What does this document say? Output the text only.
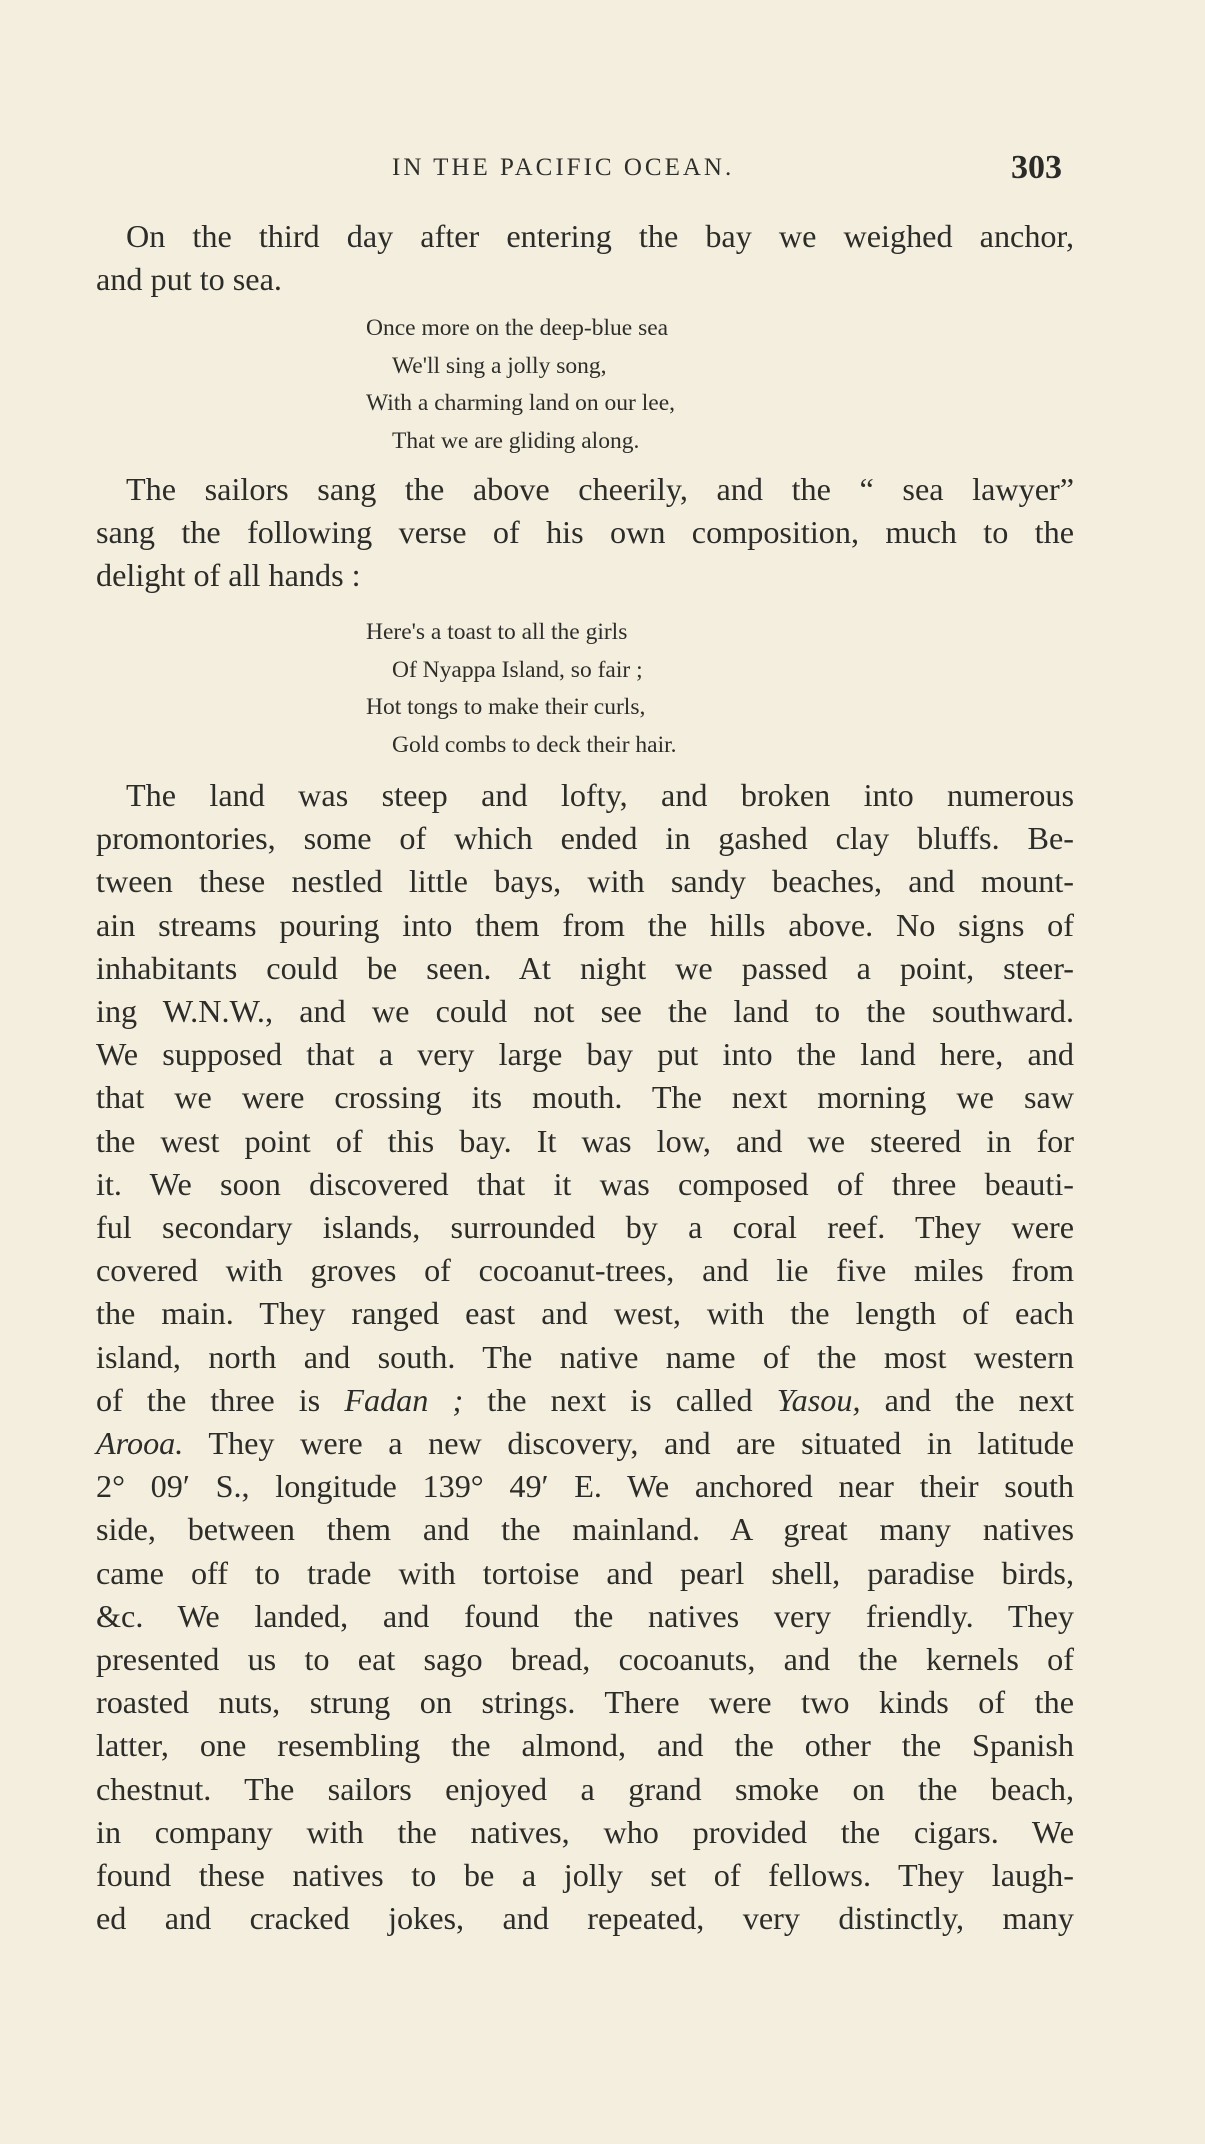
IN THE PACIFIC OCEAN.	303
On the third day after entering the bay we weighed anchor,
and put to sea.
Once more on the deep-blue sea
We'll sing a jolly song,
With a charming land on our lee,
That we are gliding along.
The sailors sang the above cheerily, and the “ sea lawyer”
sang the following verse of his own composition, much to the
delight of all hands :
Here's a toast to all the girls
Of Nyappa Island, so fair ;
Hot tongs to make their curls,
Gold combs to deck their hair.
The land was steep and lofty, and broken into numerous
promontories, some of which ended in gashed clay bluffs. Be-
tween these nestled little bays, with sandy beaches, and mount-
ain streams pouring into them from the hills above. No signs of
inhabitants could be seen. At night we passed a point, steer-
ing W.N.W., and we could not see the land to the southward.
We supposed that a very large bay put into the land here, and
that we were crossing its mouth. The next morning we saw
the west point of this bay. It was low, and we steered in for
it. We soon discovered that it was composed of three beauti-
ful secondary islands, surrounded by a coral reef. They were
covered with groves of cocoanut-trees, and lie five miles from
the main. They ranged east and west, with the length of each
island, north and south. The native name of the most western
of the three is Fadan ; the next is called Yasou, and the next
Arooa. They were a new discovery, and are situated in latitude
2° 09′ S., longitude 139° 49′ E. We anchored near their south
side, between them and the mainland. A great many natives
came off to trade with tortoise and pearl shell, paradise birds,
&c. We landed, and found the natives very friendly. They
presented us to eat sago bread, cocoanuts, and the kernels of
roasted nuts, strung on strings. There were two kinds of the
latter, one resembling the almond, and the other the Spanish
chestnut. The sailors enjoyed a grand smoke on the beach,
in company with the natives, who provided the cigars. We
found these natives to be a jolly set of fellows. They laugh-
ed and cracked jokes, and repeated, very distinctly, many
